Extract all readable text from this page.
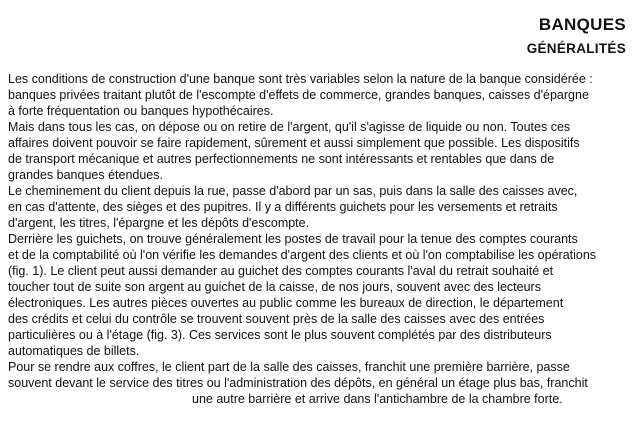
BANQUES
GÉNÉRALITÉS
Les conditions de construction d'une banque sont très variables selon la nature de la banque considérée :
banques privées traitant plutôt de l'escompte d'effets de commerce, grandes banques, caisses d'épargne
à forte fréquentation ou banques hypothécaires.
Mais dans tous les cas, on dépose ou on retire de l'argent, qu'il s'agisse de liquide ou non. Toutes ces
affaires doivent pouvoir se faire rapidement, sûrement et aussi simplement que possible. Les dispositifs
de transport mécanique et autres perfectionnements ne sont intéressants et rentables que dans de
grandes banques étendues.
Le cheminement du client depuis la rue, passe d'abord par un sas, puis dans la salle des caisses avec,
en cas d'attente, des sièges et des pupitres. Il y a différents guichets pour les versements et retraits
d'argent, les titres, l'épargne et les dépôts d'escompte.
Derrière les guichets, on trouve généralement les postes de travail pour la tenue des comptes courants
et de la comptabilité où l'on vérifie les demandes d'argent des clients et où l'on comptabilise les opérations
(fig. 1). Le client peut aussi demander au guichet des comptes courants l'aval du retrait souhaité et
toucher tout de suite son argent au guichet de la caisse, de nos jours, souvent avec des lecteurs
électroniques. Les autres pièces ouvertes au public comme les bureaux de direction, le département
des crédits et celui du contrôle se trouvent souvent près de la salle des caisses avec des entrées
particulières ou à l'étage (fig. 3). Ces services sont le plus souvent complétés par des distributeurs
automatiques de billets.
Pour se rendre aux coffres, le client part de la salle des caisses, franchit une première barrière, passe
souvent devant le service des titres ou l'administration des dépôts, en général un étage plus bas, franchit
une autre barrière et arrive dans l'antichambre de la chambre forte.
